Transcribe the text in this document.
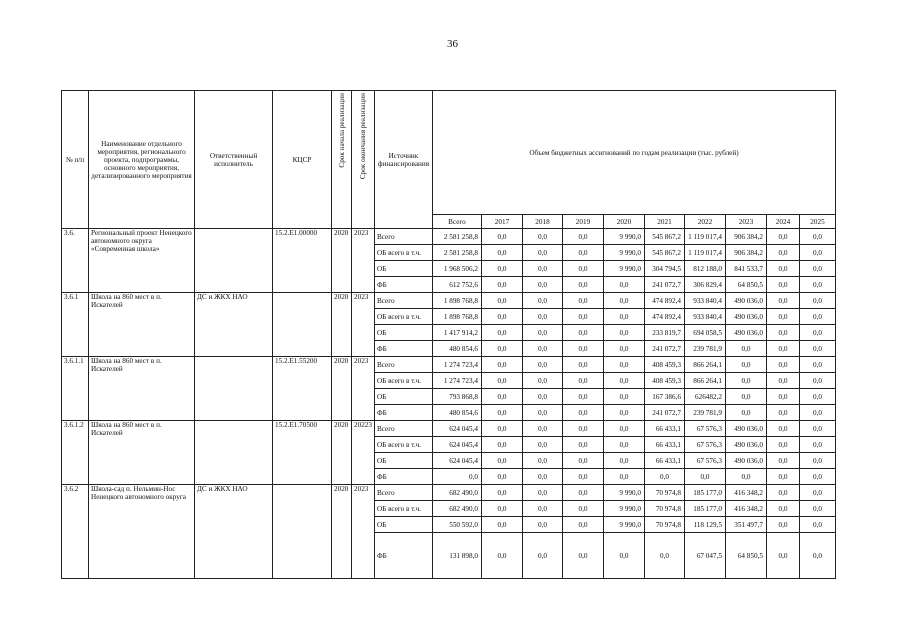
36
№ п/п	Наименование отдельного мероприятия, регионального проекта, подпрограммы, основного мероприятия, детализированного мероприятия	Ответственный исполнитель	КЦСР	Срок начала реализации	Срок окончания реализации	Источник финансирования	Объем бюджетных ассигнований по годам реализации (тыс. рублей)									
							Всего	2017	2018	2019	2020	2021	2022	2023	2024	2025
3.6.	Региональный проект Ненецкого автономного округа «Современная школа»		15.2.Е1.00000	2020	2023	Всего	2 581 258,8	0,0	0,0	0,0	9 990,0	545 867,2	1 119 017,4	906 384,2	0,0	0,0
						ОБ всего в т.ч.	2 581 258,8	0,0	0,0	0,0	9 990,0	545 867,2	1 119 017,4	906 384,2	0,0	0,0
						ОБ	1 968 506,2	0,0	0,0	0,0	9 990,0	304 794,5	812 188,0	841 533,7	0,0	0,0
						ФБ	612 752,6	0,0	0,0	0,0	0,0	241 072,7	306 829,4	64 850,5	0,0	0,0
3.6.1	Школа на 860 мест в п. Искателей	ДС и ЖКХ НАО		2020	2023	Всего	1 898 768,8	0,0	0,0	0,0	0,0	474 892,4	933 840,4	490 036,0	0,0	0,0
						ОБ всего в т.ч.	1 898 768,8	0,0	0,0	0,0	0,0	474 892,4	933 840,4	490 036,0	0,0	0,0
						ОБ	1 417 914,2	0,0	0,0	0,0	0,0	233 819,7	694 058,5	490 036,0	0,0	0,0
						ФБ	480 854,6	0,0	0,0	0,0	0,0	241 072,7	239 781,9	0,0	0,0	0,0
3.6.1.1	Школа на 860 мест в п. Искателей		15.2.Е1.55200	2020	2023	Всего	1 274 723,4	0,0	0,0	0,0	0,0	408 459,3	866 264,1	0,0	0,0	0,0
						ОБ всего в т.ч.	1 274 723,4	0,0	0,0	0,0	0,0	408 459,3	866 264,1	0,0	0,0	0,0
						ОБ	793 868,8	0,0	0,0	0,0	0,0	167 386,6	626482,2	0,0	0,0	0,0
						ФБ	480 854,6	0,0	0,0	0,0	0,0	241 072,7	239 781,9	0,0	0,0	0,0
3.6.1.2	Школа на 860 мест в п. Искателей		15.2.Е1.70500	2020	20223	Всего	624 045,4	0,0	0,0	0,0	0,0	66 433,1	67 576,3	490 036,0	0,0	0,0
						ОБ всего в т.ч.	624 045,4	0,0	0,0	0,0	0,0	66 433,1	67 576,3	490 036,0	0,0	0,0
						ОБ	624 045,4	0,0	0,0	0,0	0,0	66 433,1	67 576,3	490 036,0	0,0	0,0
						ФБ	0,0	0,0	0,0	0,0	0,0	0,0	0,0	0,0	0,0	0,0
3.6.2	Школа-сад п. Нельмин-Нос Ненецкого автономного округа	ДС и ЖКХ НАО		2020	2023	Всего	682 490,0	0,0	0,0	0,0	9 990,0	70 974,8	185 177,0	416 348,2	0,0	0,0
						ОБ всего в т.ч.	682 490,0	0,0	0,0	0,0	9 990,0	70 974,8	185 177,0	416 348,2	0,0	0,0
						ОБ	550 592,0	0,0	0,0	0,0	9 990,0	70 974,8	118 129,5	351 497,7	0,0	0,0
						ФБ	131 898,0	0,0	0,0	0,0	0,0	0,0	67 047,5	64 850,5	0,0	0,0
